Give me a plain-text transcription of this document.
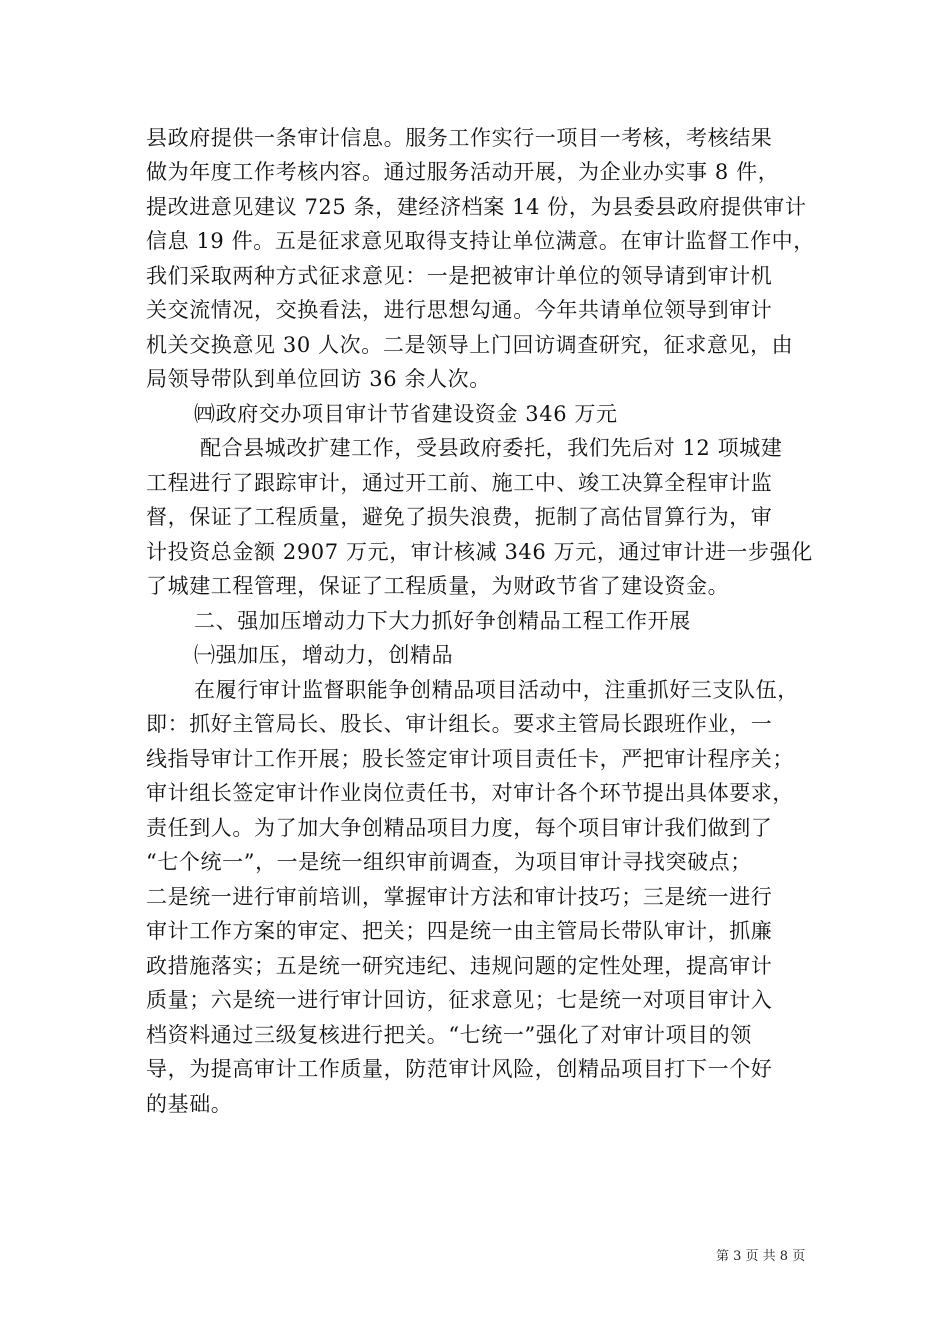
县政府提供一条审计信息。服务工作实行一项目一考核，考核结果
做为年度工作考核内容。通过服务活动开展，为企业办实事 8 件，
提改进意见建议 725 条，建经济档案 14 份，为县委县政府提供审计
信息 19 件。五是征求意见取得支持让单位满意。在审计监督工作中，
我们采取两种方式征求意见：一是把被审计单位的领导请到审计机
关交流情况，交换看法，进行思想勾通。今年共请单位领导到审计
机关交换意见 30 人次。二是领导上门回访调查研究，征求意见，由
局领导带队到单位回访 36 余人次。
㈣政府交办项目审计节省建设资金 346 万元
配合县城改扩建工作，受县政府委托，我们先后对 12 项城建
工程进行了跟踪审计，通过开工前、施工中、竣工决算全程审计监
督，保证了工程质量，避免了损失浪费，扼制了高估冒算行为，审
计投资总金额 2907 万元，审计核减 346 万元，通过审计进一步强化
了城建工程管理，保证了工程质量，为财政节省了建设资金。
二、强加压增动力下大力抓好争创精品工程工作开展
㈠强加压，增动力，创精品
在履行审计监督职能争创精品项目活动中，注重抓好三支队伍，
即：抓好主管局长、股长、审计组长。要求主管局长跟班作业，一
线指导审计工作开展；股长签定审计项目责任卡，严把审计程序关；
审计组长签定审计作业岗位责任书，对审计各个环节提出具体要求，
责任到人。为了加大争创精品项目力度，每个项目审计我们做到了
“七个统一”，一是统一组织审前调查，为项目审计寻找突破点；
二是统一进行审前培训，掌握审计方法和审计技巧；三是统一进行
审计工作方案的审定、把关；四是统一由主管局长带队审计，抓廉
政措施落实；五是统一研究违纪、违规问题的定性处理，提高审计
质量；六是统一进行审计回访，征求意见；七是统一对项目审计入
档资料通过三级复核进行把关。“七统一”强化了对审计项目的领
导，为提高审计工作质量，防范审计风险，创精品项目打下一个好
的基础。
第 3 页 共 8 页
